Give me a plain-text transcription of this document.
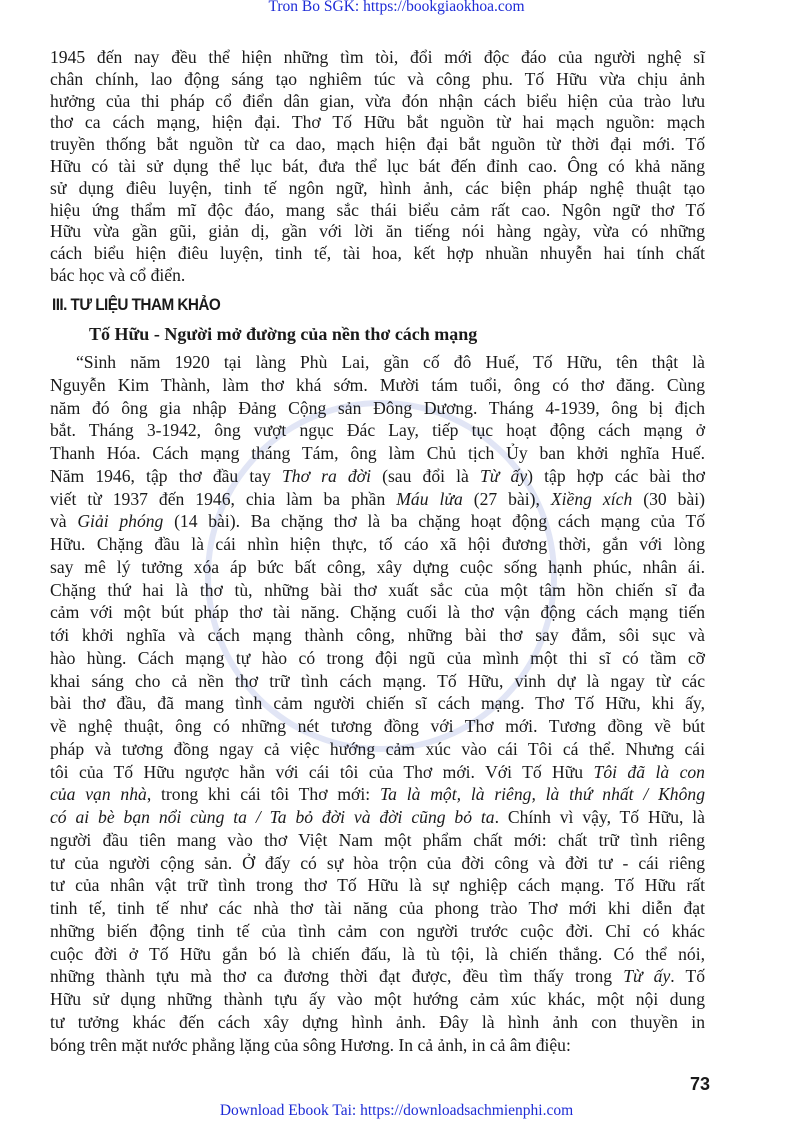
Tron Bo SGK: https://bookgiaokhoa.com
1945 đến nay đều thể hiện những tìm tòi, đổi mới độc đáo của người nghệ sĩ
chân chính, lao động sáng tạo nghiêm túc và công phu. Tố Hữu vừa chịu ảnh
hưởng của thi pháp cổ điển dân gian, vừa đón nhận cách biểu hiện của trào lưu
thơ ca cách mạng, hiện đại. Thơ Tố Hữu bắt nguồn từ hai mạch nguồn: mạch
truyền thống bắt nguồn từ ca dao, mạch hiện đại bắt nguồn từ thời đại mới. Tố
Hữu có tài sử dụng thể lục bát, đưa thể lục bát đến đỉnh cao. Ông có khả năng
sử dụng điêu luyện, tinh tế ngôn ngữ, hình ảnh, các biện pháp nghệ thuật tạo
hiệu ứng thẩm mĩ độc đáo, mang sắc thái biểu cảm rất cao. Ngôn ngữ thơ Tố
Hữu vừa gần gũi, giản dị, gần với lời ăn tiếng nói hàng ngày, vừa có những
cách biểu hiện điêu luyện, tinh tế, tài hoa, kết hợp nhuần nhuyễn hai tính chất
bác học và cổ điển.
III. TƯ LIỆU THAM KHẢO
Tố Hữu - Người mở đường của nền thơ cách mạng
“Sinh năm 1920 tại làng Phù Lai, gần cố đô Huế, Tố Hữu, tên thật là
Nguyễn Kim Thành, làm thơ khá sớm. Mười tám tuổi, ông có thơ đăng. Cùng
năm đó ông gia nhập Đảng Cộng sản Đông Dương. Tháng 4-1939, ông bị địch
bắt. Tháng 3-1942, ông vượt ngục Đác Lay, tiếp tục hoạt động cách mạng ở
Thanh Hóa. Cách mạng tháng Tám, ông làm Chủ tịch Ủy ban khởi nghĩa Huế.
Năm 1946, tập thơ đầu tay Thơ ra đời (sau đổi là Từ ấy) tập hợp các bài thơ
viết từ 1937 đến 1946, chia làm ba phần Máu lửa (27 bài), Xiềng xích (30 bài)
và Giải phóng (14 bài). Ba chặng thơ là ba chặng hoạt động cách mạng của Tố
Hữu. Chặng đầu là cái nhìn hiện thực, tố cáo xã hội đương thời, gắn với lòng
say mê lý tưởng xóa áp bức bất công, xây dựng cuộc sống hạnh phúc, nhân ái.
Chặng thứ hai là thơ tù, những bài thơ xuất sắc của một tâm hồn chiến sĩ đa
cảm với một bút pháp thơ tài năng. Chặng cuối là thơ vận động cách mạng tiến
tới khởi nghĩa và cách mạng thành công, những bài thơ say đắm, sôi sục và
hào hùng. Cách mạng tự hào có trong đội ngũ của mình một thi sĩ có tầm cỡ
khai sáng cho cả nền thơ trữ tình cách mạng. Tố Hữu, vinh dự là ngay từ các
bài thơ đầu, đã mang tình cảm người chiến sĩ cách mạng. Thơ Tố Hữu, khi ấy,
về nghệ thuật, ông có những nét tương đồng với Thơ mới. Tương đồng về bút
pháp và tương đồng ngay cả việc hướng cảm xúc vào cái Tôi cá thể. Nhưng cái
tôi của Tố Hữu ngược hẳn với cái tôi của Thơ mới. Với Tố Hữu Tôi đã là con
của vạn nhà, trong khi cái tôi Thơ mới: Ta là một, là riêng, là thứ nhất / Không
có ai bè bạn nổi cùng ta / Ta bỏ đời và đời cũng bỏ ta. Chính vì vậy, Tố Hữu, là
người đầu tiên mang vào thơ Việt Nam một phẩm chất mới: chất trữ tình riêng
tư của người cộng sản. Ở đấy có sự hòa trộn của đời công và đời tư - cái riêng
tư của nhân vật trữ tình trong thơ Tố Hữu là sự nghiệp cách mạng. Tố Hữu rất
tinh tế, tinh tế như các nhà thơ tài năng của phong trào Thơ mới khi diễn đạt
những biến động tinh tế của tình cảm con người trước cuộc đời. Chỉ có khác
cuộc đời ở Tố Hữu gắn bó là chiến đấu, là tù tội, là chiến thắng. Có thể nói,
những thành tựu mà thơ ca đương thời đạt được, đều tìm thấy trong Từ ấy. Tố
Hữu sử dụng những thành tựu ấy vào một hướng cảm xúc khác, một nội dung
tư tưởng khác đến cách xây dựng hình ảnh. Đây là hình ảnh con thuyền in
bóng trên mặt nước phẳng lặng của sông Hương. In cả ảnh, in cả âm điệu:
73
Download Ebook Tai: https://downloadsachmienphi.com
